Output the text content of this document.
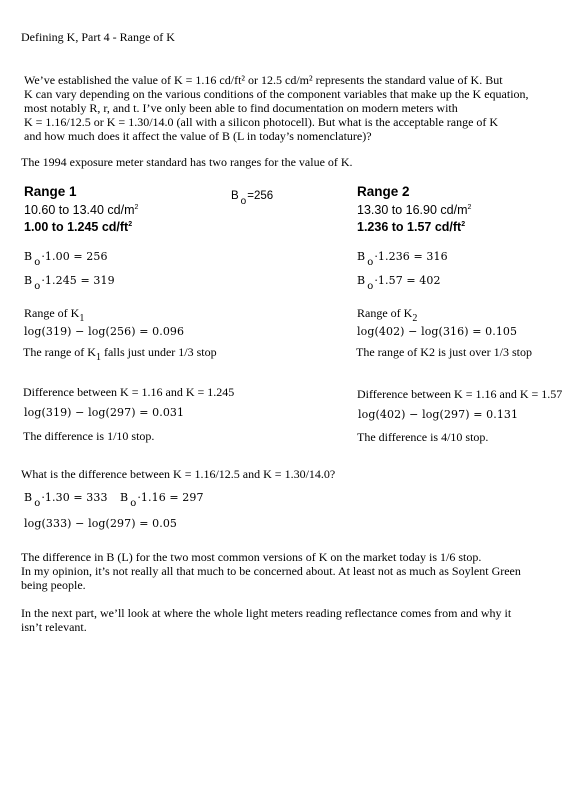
Defining K, Part 4 - Range of K
We’ve established the value of K = 1.16 cd/ft² or 12.5 cd/m² represents the standard value of K. But
K can vary depending on the various conditions of the component variables that make up the K equation,
most notably R, r, and t. I’ve only been able to find documentation on modern meters with
K = 1.16/12.5 or K = 1.30/14.0 (all with a silicon photocell). But what is the acceptable range of K
and how much does it affect the value of B (L in today’s nomenclature)?
The 1994 exposure meter standard has two ranges for the value of K.
Range 1
10.60 to 13.40 $cd/m^2$
1.00 to 1.245 $cd/ft^2$
B o=256	Range 2
13.30 to 16.90 $cd/m^2$
1.236 to 1.57 $cd/ft^2$
B o·1.00 = 256
B o·1.245 = 319
B o·1.236 = 316
B o·1.57 = 402
Range of $K_1$
log(319) − log(256) = 0.096
The range of $K_1$ falls just under 1/3 stop
Range of $K_2$
log(402) − log(316) = 0.105
The range of K2 is just over 1/3 stop
Difference between K = 1.16 and K = 1.245
log(319) − log(297) = 0.031
The difference is 1/10 stop.
Difference between K = 1.16 and K = 1.57
log(402) − log(297) = 0.131
The difference is 4/10 stop.
What is the difference between K = 1.16/12.5 and K = 1.30/14.0?
B o·1.30 = 333 B o·1.16 = 297
log(333) − log(297) = 0.05
The difference in B (L) for the two most common versions of K on the market today is 1/6 stop.
In my opinion, it’s not really all that much to be concerned about. At least not as much as Soylent Green
being people.
In the next part, we’ll look at where the whole light meters reading reflectance comes from and why it
isn’t relevant.
